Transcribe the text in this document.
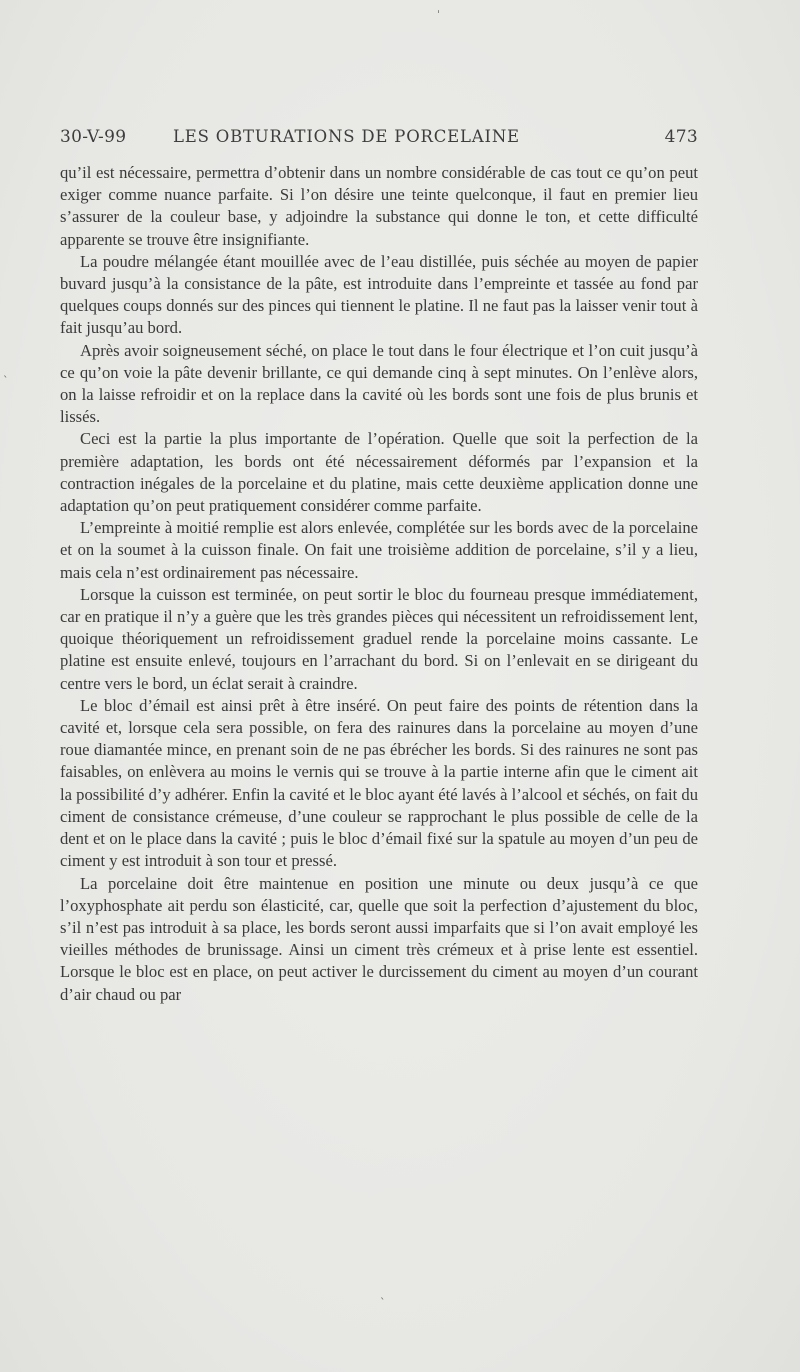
30-V-99	LES OBTURATIONS DE PORCELAINE	473

qu’il est nécessaire, permettra d’obtenir dans un nombre considérable de cas tout ce qu’on peut exiger comme nuance parfaite. Si l’on désire une teinte quelconque, il faut en premier lieu s’assurer de la couleur base, y adjoindre la substance qui donne le ton, et cette difficulté apparente se trouve être insignifiante.

La poudre mélangée étant mouillée avec de l’eau distillée, puis séchée au moyen de papier buvard jusqu’à la consistance de la pâte, est introduite dans l’empreinte et tassée au fond par quelques coups donnés sur des pinces qui tiennent le platine. Il ne faut pas la laisser venir tout à fait jusqu’au bord.

Après avoir soigneusement séché, on place le tout dans le four électrique et l’on cuit jusqu’à ce qu’on voie la pâte devenir brillante, ce qui demande cinq à sept minutes. On l’enlève alors, on la laisse refroidir et on la replace dans la cavité où les bords sont une fois de plus brunis et lissés.

Ceci est la partie la plus importante de l’opération. Quelle que soit la perfection de la première adaptation, les bords ont été nécessairement déformés par l’expansion et la contraction inégales de la porcelaine et du platine, mais cette deuxième application donne une adaptation qu’on peut pratiquement considérer comme parfaite.

L’empreinte à moitié remplie est alors enlevée, complétée sur les bords avec de la porcelaine et on la soumet à la cuisson finale. On fait une troisième addition de porcelaine, s’il y a lieu, mais cela n’est ordinairement pas nécessaire.

Lorsque la cuisson est terminée, on peut sortir le bloc du fourneau presque immédiatement, car en pratique il n’y a guère que les très grandes pièces qui nécessitent un refroidissement lent, quoique théoriquement un refroidissement graduel rende la porcelaine moins cassante. Le platine est ensuite enlevé, toujours en l’arrachant du bord. Si on l’enlevait en se dirigeant du centre vers le bord, un éclat serait à craindre.

Le bloc d’émail est ainsi prêt à être inséré. On peut faire des points de rétention dans la cavité et, lorsque cela sera possible, on fera des rainures dans la porcelaine au moyen d’une roue diamantée mince, en prenant soin de ne pas ébrécher les bords. Si des rainures ne sont pas faisables, on enlèvera au moins le vernis qui se trouve à la partie interne afin que le ciment ait la possibilité d’y adhérer. Enfin la cavité et le bloc ayant été lavés à l’alcool et séchés, on fait du ciment de consistance crémeuse, d’une couleur se rapprochant le plus possible de celle de la dent et on le place dans la cavité ; puis le bloc d’émail fixé sur la spatule au moyen d’un peu de ciment y est introduit à son tour et pressé.

La porcelaine doit être maintenue en position une minute ou deux jusqu’à ce que l’oxyphosphate ait perdu son élasticité, car, quelle que soit la perfection d’ajustement du bloc, s’il n’est pas introduit à sa place, les bords seront aussi imparfaits que si l’on avait employé les vieilles méthodes de brunissage. Ainsi un ciment très crémeux et à prise lente est essentiel. Lorsque le bloc est en place, on peut activer le durcissement du ciment au moyen d’un courant d’air chaud ou par

ˈ
ˋ
ˋ
